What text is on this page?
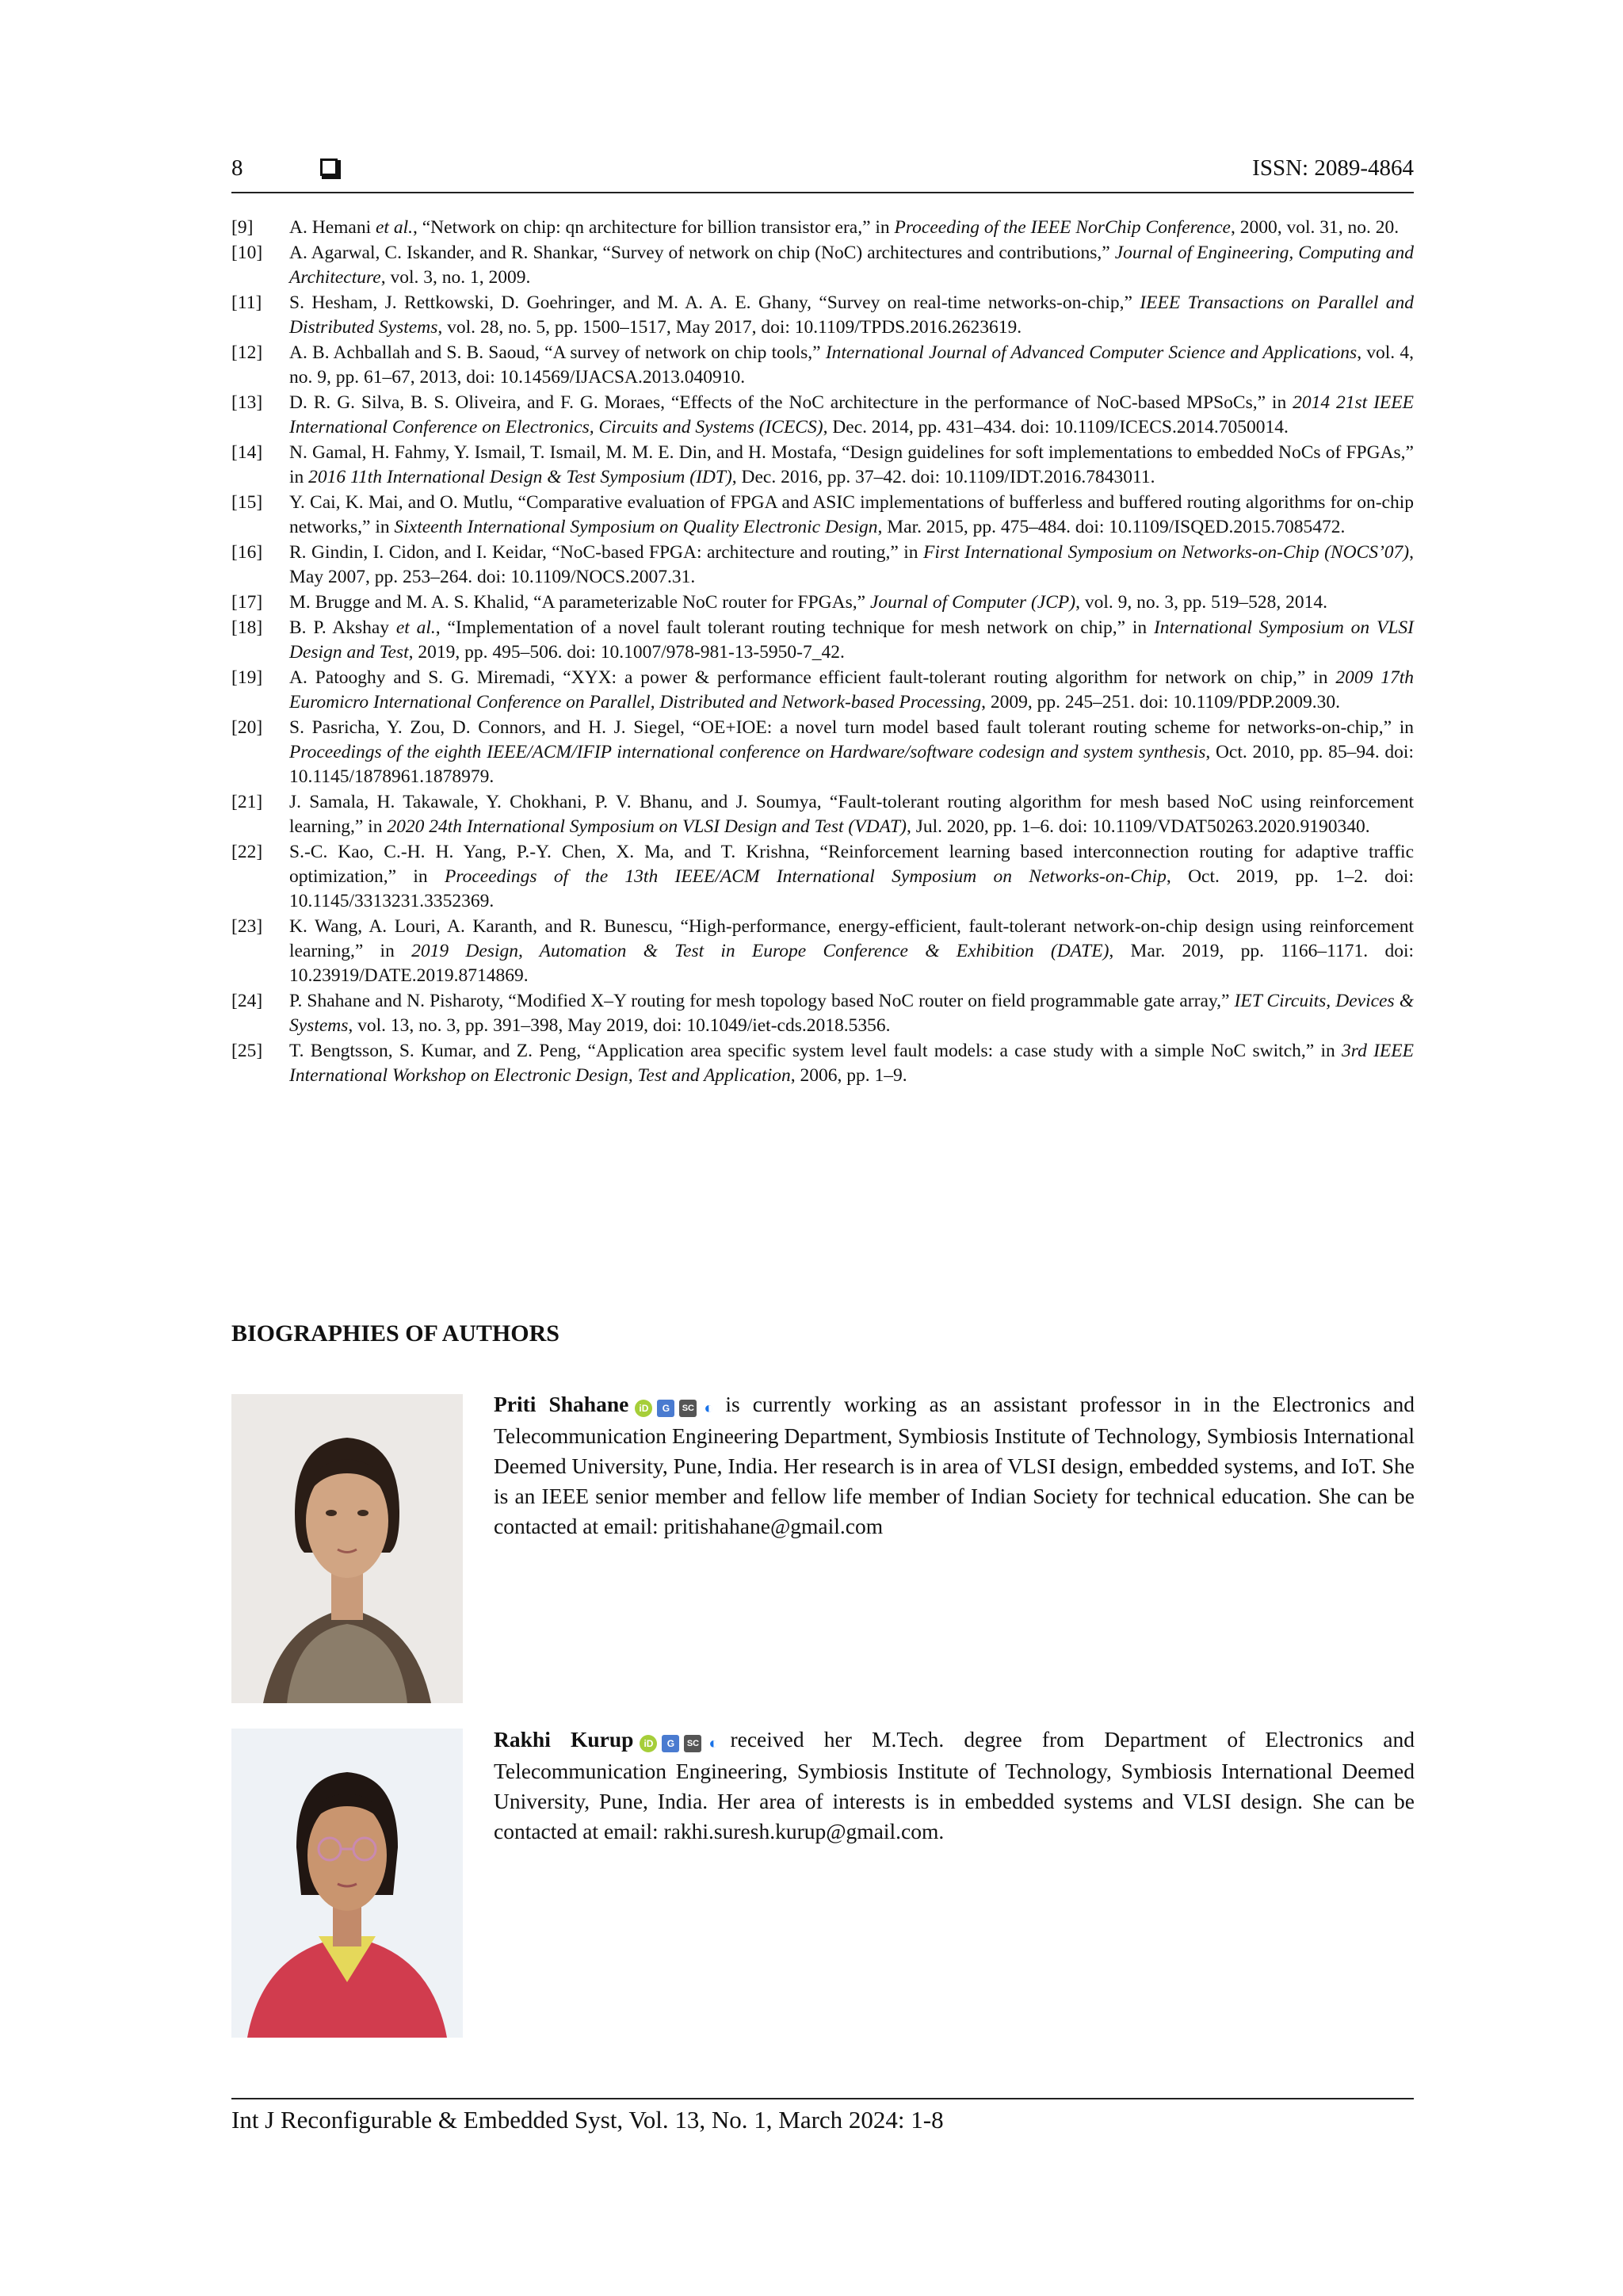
8	ISSN: 2089-4864
[9] A. Hemani et al., “Network on chip: qn architecture for billion transistor era,” in Proceeding of the IEEE NorChip Conference, 2000, vol. 31, no. 20.
[10] A. Agarwal, C. Iskander, and R. Shankar, “Survey of network on chip (NoC) architectures and contributions,” Journal of Engineering, Computing and Architecture, vol. 3, no. 1, 2009.
[11] S. Hesham, J. Rettkowski, D. Goehringer, and M. A. A. E. Ghany, “Survey on real-time networks-on-chip,” IEEE Transactions on Parallel and Distributed Systems, vol. 28, no. 5, pp. 1500–1517, May 2017, doi: 10.1109/TPDS.2016.2623619.
[12] A. B. Achballah and S. B. Saoud, “A survey of network on chip tools,” International Journal of Advanced Computer Science and Applications, vol. 4, no. 9, pp. 61–67, 2013, doi: 10.14569/IJACSA.2013.040910.
[13] D. R. G. Silva, B. S. Oliveira, and F. G. Moraes, “Effects of the NoC architecture in the performance of NoC-based MPSoCs,” in 2014 21st IEEE International Conference on Electronics, Circuits and Systems (ICECS), Dec. 2014, pp. 431–434. doi: 10.1109/ICECS.2014.7050014.
[14] N. Gamal, H. Fahmy, Y. Ismail, T. Ismail, M. M. E. Din, and H. Mostafa, “Design guidelines for soft implementations to embedded NoCs of FPGAs,” in 2016 11th International Design & Test Symposium (IDT), Dec. 2016, pp. 37–42. doi: 10.1109/IDT.2016.7843011.
[15] Y. Cai, K. Mai, and O. Mutlu, “Comparative evaluation of FPGA and ASIC implementations of bufferless and buffered routing algorithms for on-chip networks,” in Sixteenth International Symposium on Quality Electronic Design, Mar. 2015, pp. 475–484. doi: 10.1109/ISQED.2015.7085472.
[16] R. Gindin, I. Cidon, and I. Keidar, “NoC-based FPGA: architecture and routing,” in First International Symposium on Networks-on-Chip (NOCS’07), May 2007, pp. 253–264. doi: 10.1109/NOCS.2007.31.
[17] M. Brugge and M. A. S. Khalid, “A parameterizable NoC router for FPGAs,” Journal of Computer (JCP), vol. 9, no. 3, pp. 519–528, 2014.
[18] B. P. Akshay et al., “Implementation of a novel fault tolerant routing technique for mesh network on chip,” in International Symposium on VLSI Design and Test, 2019, pp. 495–506. doi: 10.1007/978-981-13-5950-7_42.
[19] A. Patooghy and S. G. Miremadi, “XYX: a power & performance efficient fault-tolerant routing algorithm for network on chip,” in 2009 17th Euromicro International Conference on Parallel, Distributed and Network-based Processing, 2009, pp. 245–251. doi: 10.1109/PDP.2009.30.
[20] S. Pasricha, Y. Zou, D. Connors, and H. J. Siegel, “OE+IOE: a novel turn model based fault tolerant routing scheme for networks-on-chip,” in Proceedings of the eighth IEEE/ACM/IFIP international conference on Hardware/software codesign and system synthesis, Oct. 2010, pp. 85–94. doi: 10.1145/1878961.1878979.
[21] J. Samala, H. Takawale, Y. Chokhani, P. V. Bhanu, and J. Soumya, “Fault-tolerant routing algorithm for mesh based NoC using reinforcement learning,” in 2020 24th International Symposium on VLSI Design and Test (VDAT), Jul. 2020, pp. 1–6. doi: 10.1109/VDAT50263.2020.9190340.
[22] S.-C. Kao, C.-H. H. Yang, P.-Y. Chen, X. Ma, and T. Krishna, “Reinforcement learning based interconnection routing for adaptive traffic optimization,” in Proceedings of the 13th IEEE/ACM International Symposium on Networks-on-Chip, Oct. 2019, pp. 1–2. doi: 10.1145/3313231.3352369.
[23] K. Wang, A. Louri, A. Karanth, and R. Bunescu, “High-performance, energy-efficient, fault-tolerant network-on-chip design using reinforcement learning,” in 2019 Design, Automation & Test in Europe Conference & Exhibition (DATE), Mar. 2019, pp. 1166–1171. doi: 10.23919/DATE.2019.8714869.
[24] P. Shahane and N. Pisharoty, “Modified X–Y routing for mesh topology based NoC router on field programmable gate array,” IET Circuits, Devices & Systems, vol. 13, no. 3, pp. 391–398, May 2019, doi: 10.1049/iet-cds.2018.5356.
[25] T. Bengtsson, S. Kumar, and Z. Peng, “Application area specific system level fault models: a case study with a simple NoC switch,” in 3rd IEEE International Workshop on Electronic Design, Test and Application, 2006, pp. 1–9.
BIOGRAPHIES OF AUTHORS
Priti Shahane iD G SC ◐ is currently working as an assistant professor in in the Electronics and Telecommunication Engineering Department, Symbiosis Institute of Technology, Symbiosis International Deemed University, Pune, India. Her research is in area of VLSI design, embedded systems, and IoT. She is an IEEE senior member and fellow life member of Indian Society for technical education. She can be contacted at email: pritishahane@gmail.com
Rakhi Kurup iD G SC ◐ received her M.Tech. degree from Department of Electronics and Telecommunication Engineering, Symbiosis Institute of Technology, Symbiosis International Deemed University, Pune, India. Her area of interests is in embedded systems and VLSI design. She can be contacted at email: rakhi.suresh.kurup@gmail.com.
Int J Reconfigurable & Embedded Syst, Vol. 13, No. 1, March 2024: 1-8
